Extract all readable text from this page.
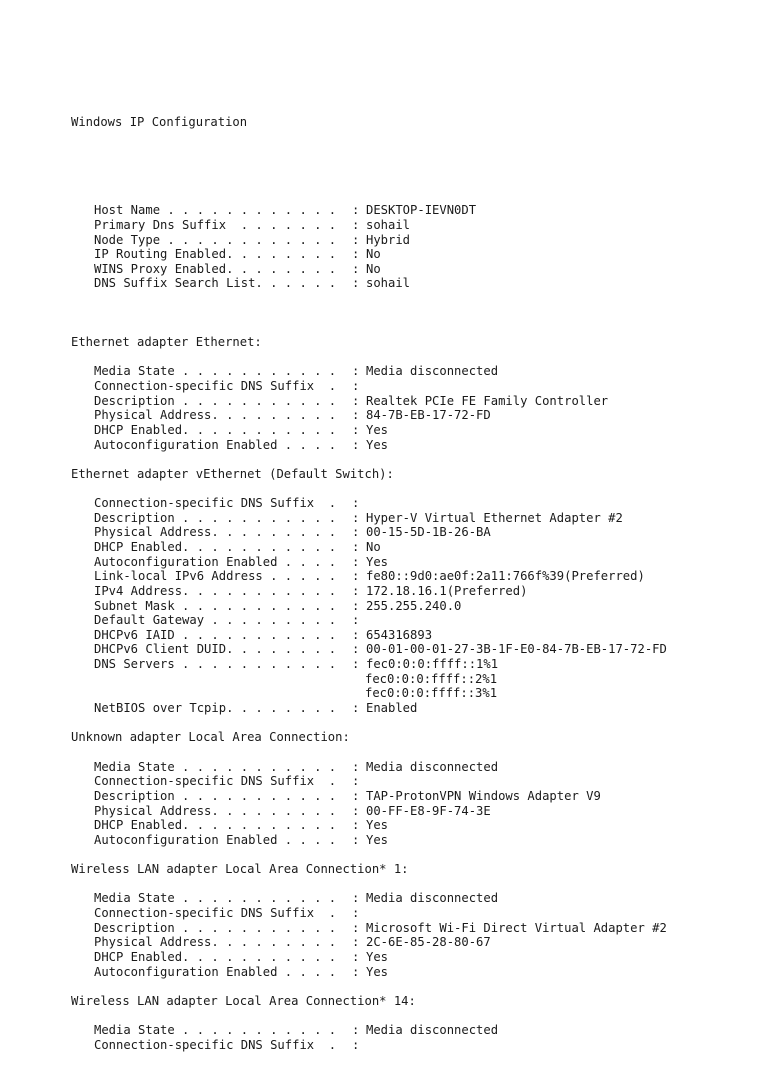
Windows IP Configuration

Host Name . . . . . . . . . . . . : DESKTOP-IEVN0DT
Primary Dns Suffix  . . . . . . . : sohail
Node Type . . . . . . . . . . . . : Hybrid
IP Routing Enabled. . . . . . . . : No
WINS Proxy Enabled. . . . . . . . : No
DNS Suffix Search List. . . . . . : sohail

Ethernet adapter Ethernet:
Media State . . . . . . . . . . . : Media disconnected
Connection-specific DNS Suffix  . :
Description . . . . . . . . . . . : Realtek PCIe FE Family Controller
Physical Address. . . . . . . . . : 84-7B-EB-17-72-FD
DHCP Enabled. . . . . . . . . . . : Yes
Autoconfiguration Enabled . . . . : Yes
Ethernet adapter vEthernet (Default Switch):
Connection-specific DNS Suffix  . :
Description . . . . . . . . . . . : Hyper-V Virtual Ethernet Adapter #2
Physical Address. . . . . . . . . : 00-15-5D-1B-26-BA
DHCP Enabled. . . . . . . . . . . : No
Autoconfiguration Enabled . . . . : Yes
Link-local IPv6 Address . . . . . : fe80::9d0:ae0f:2a11:766f%39(Preferred)
IPv4 Address. . . . . . . . . . . : 172.18.16.1(Preferred)
Subnet Mask . . . . . . . . . . . : 255.255.240.0
Default Gateway . . . . . . . . . :
DHCPv6 IAID . . . . . . . . . . . : 654316893
DHCPv6 Client DUID. . . . . . . . : 00-01-00-01-27-3B-1F-E0-84-7B-EB-17-72-FD
DNS Servers . . . . . . . . . . . : fec0:0:0:ffff::1%1
fec0:0:0:ffff::2%1
fec0:0:0:ffff::3%1
NetBIOS over Tcpip. . . . . . . . : Enabled
Unknown adapter Local Area Connection:
Media State . . . . . . . . . . . : Media disconnected
Connection-specific DNS Suffix  . :
Description . . . . . . . . . . . : TAP-ProtonVPN Windows Adapter V9
Physical Address. . . . . . . . . : 00-FF-E8-9F-74-3E
DHCP Enabled. . . . . . . . . . . : Yes
Autoconfiguration Enabled . . . . : Yes
Wireless LAN adapter Local Area Connection* 1:
Media State . . . . . . . . . . . : Media disconnected
Connection-specific DNS Suffix  . :
Description . . . . . . . . . . . : Microsoft Wi-Fi Direct Virtual Adapter #2
Physical Address. . . . . . . . . : 2C-6E-85-28-80-67
DHCP Enabled. . . . . . . . . . . : Yes
Autoconfiguration Enabled . . . . : Yes
Wireless LAN adapter Local Area Connection* 14:
Media State . . . . . . . . . . . : Media disconnected
Connection-specific DNS Suffix  . :
